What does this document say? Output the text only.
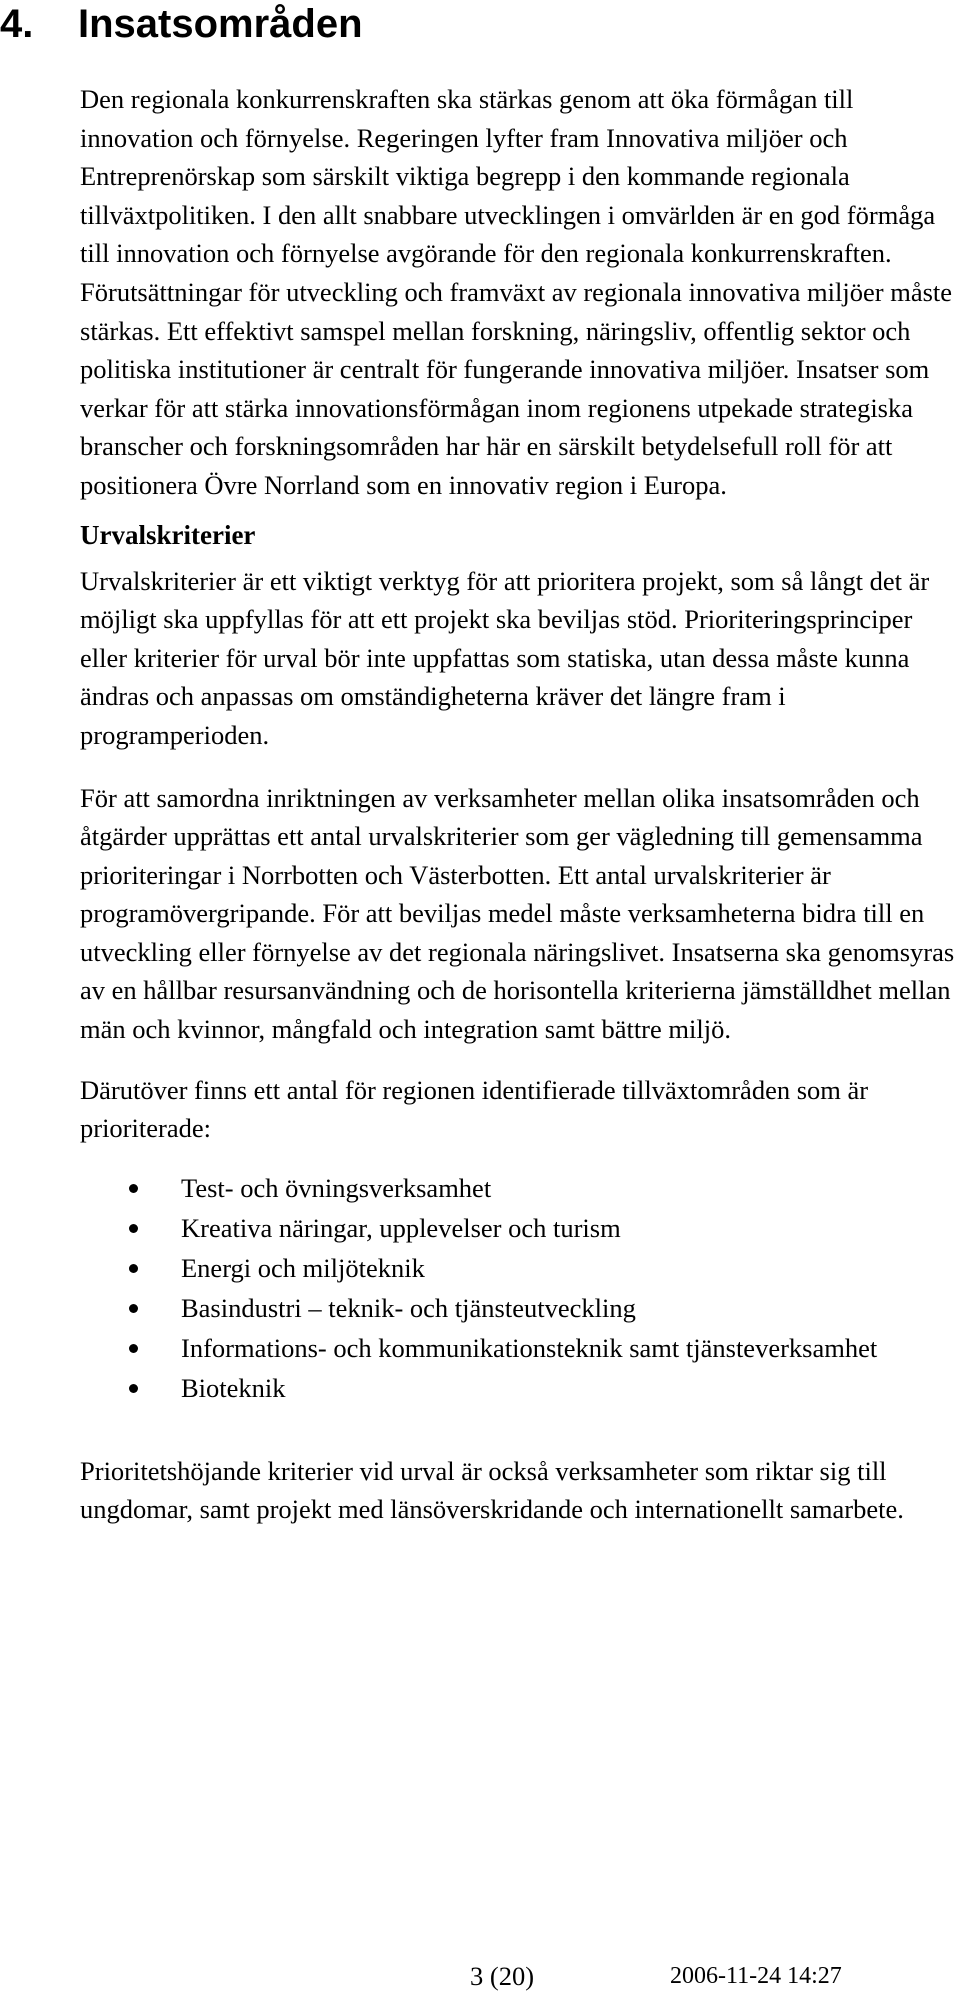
4. Insatsområden

Den regionala konkurrenskraften ska stärkas genom att öka förmågan till innovation och förnyelse. Regeringen lyfter fram Innovativa miljöer och Entreprenörskap som särskilt viktiga begrepp i den kommande regionala tillväxtpolitiken. I den allt snabbare utvecklingen i omvärlden är en god förmåga till innovation och förnyelse avgörande för den regionala konkurrenskraften. Förutsättningar för utveckling och framväxt av regionala innovativa miljöer måste stärkas. Ett effektivt samspel mellan forskning, näringsliv, offentlig sektor och politiska institutioner är centralt för fungerande innovativa miljöer. Insatser som verkar för att stärka innovationsförmågan inom regionens utpekade strategiska branscher och forskningsområden har här en särskilt betydelsefull roll för att positionera Övre Norrland som en innovativ region i Europa.

Urvalskriterier

Urvalskriterier är ett viktigt verktyg för att prioritera projekt, som så långt det är möjligt ska uppfyllas för att ett projekt ska beviljas stöd. Prioriteringsprinciper eller kriterier för urval bör inte uppfattas som statiska, utan dessa måste kunna ändras och anpassas om omständigheterna kräver det längre fram i programperioden.

För att samordna inriktningen av verksamheter mellan olika insatsområden och åtgärder upprättas ett antal urvalskriterier som ger vägledning till gemensamma prioriteringar i Norrbotten och Västerbotten. Ett antal urvalskriterier är programövergripande. För att beviljas medel måste verksamheterna bidra till en utveckling eller förnyelse av det regionala näringslivet. Insatserna ska genomsyras av en hållbar resursanvändning och de horisontella kriterierna jämställdhet mellan män och kvinnor, mångfald och integration samt bättre miljö.

Därutöver finns ett antal för regionen identifierade tillväxtområden som är prioriterade:

Test- och övningsverksamhet
Kreativa näringar, upplevelser och turism
Energi och miljöteknik
Basindustri – teknik- och tjänsteutveckling
Informations- och kommunikationsteknik samt tjänsteverksamhet
Bioteknik

Prioritetshöjande kriterier vid urval är också verksamheter som riktar sig till ungdomar, samt projekt med länsöverskridande och internationellt samarbete.

3 (20)	2006-11-24 14:27
